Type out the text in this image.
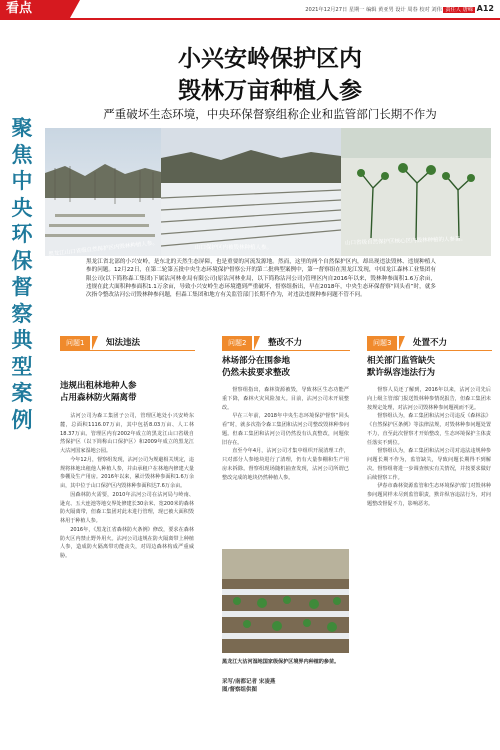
看点	2021年12月27日 星期一 编辑 黄亚男 设计 周春 校对 刘伟 责任人 唐嵘 A12
聚焦中央环保督察典型案例
小兴安岭保护区内
毁林万亩种植人参
严重破坏生态环境，中央环保督察组称企业和监管部门长期不作为
黑龙江山口省级自然保护区内毁林种植人参。	山口保护区内被毁林种植人参。
山口省级自然保护区核心区内毁林种植的人参苗。
黑龙江省北部的小兴安岭，是东北的天然生态屏障，也是重要的河流发源地。然而，这里的两个自然保护区内，却出现违法毁林、违规种植人参的问题。12月22日，在第二轮第五批中央生态环境保护督察公开的第二批典型案例中，第一督察组在黑龙江发现，中国龙江森林工业集团有限公司(以下简称森工集团)下属沾河林业局有限公司(原沾河林业局，以下简称沾河公司)管理区内自2016年以来，毁林种参面积1.6万余亩，违规在此大面积种参面积1.1万余亩，导致小兴安岭生态环境遭到严重破坏，督察组指出，早在2018年，中央生态环保督察“回头看”时，就多次指令整改沾河公司毁林种参问题，但森工集团和地方有关监管部门长期不作为，对违法违规种参问题不管不问。
问题1	知法违法
违规出租林地种人参
占用森林防火隔离带

沾河公司为森工集团子公司，管理区地处小兴安岭东麓，总面积1116.07万亩，其中包括8.03万亩、人工林18.37万亩。管理区内有2002年成立的黑龙江山口省级自然保护区（以下简称山口保护区）和2009年成立的黑龙江大沽河国家湿地公园。

今年12月，督察组发现，沾河公司为规避相关规定，违规将林地出租他人种植人参，并由承租户在林地内修建大量参棚及生产用房。2016年以来，累计毁林种参面积1.6万余亩，其中位于山口保护区内毁林种参面积达7.6万余亩。

因森林防火需要，2010年沾河公司在沾河局与岭南、逊克、五大连池等地交界处修建长30余米、宽200米的森林防火隔离带，但森工集团对此未进行管理，现已被大面积毁林用于种植人参。

2016年，《黑龙江省森林防火条例》修改，要求在森林防火区内禁止野外用火。沾河公司违规在防火隔离带上种植人参，造成防火隔离带功能丧失，对周边森林构成严重威胁。

问题2	整改不力
林场部分在围参地
仍然未拔要求整改

督察组指出，森林资源被毁，导致林区生态功能严重下降，森林火灾风险加大。目前，沾河公司未开展整改。

早在三年前，2018年中央生态环境保护督察“回头看”时，就多次指令森工集团和沾河公司整改毁林种参问题。但森工集团和沾河公司仍然没有认真整改，问题依旧存在。

直至今年4月，沾河公司才集中组织开展清理工作，只对部分人参地块进行了清理，仍有大量参棚和生产用房未拆除。督察组现场随机抽查发现，沾河公司所谓已整改完成的地块仍然种植人参。

黑龙江大沽河湿地国家级保护区境界内种植的参苗。
采写/南都记者 宋凌燕
图/督察组供图
问题3	处置不力
相关部门监管缺失
默许纵容违法行为

督察人员还了解到，2016年以来，沾河公司先后向上级主管部门报送毁林种参情况报告，但森工集团未按规定处理，对沾河公司毁林种参问题视而不见。

督察组认为，森工集团和沾河公司违反《森林法》《自然保护区条例》等法律法规，对毁林种参问题处置不力，直至此次督察才开始整改，生态环境保护主体责任落实不到位。

督察组认为，森工集团和沾河公司对违法违规种参问题长期不作为，监管缺失，导致问题长期得不到解决。督察组将进一步调查核实有关情况，并按要求做好后续督察工作。

伊春市森林资源监管和生态环境保护部门对毁林种参问题同样未尽到监管职责，默许纵容违法行为，对问题整改督促不力，影响恶劣。
